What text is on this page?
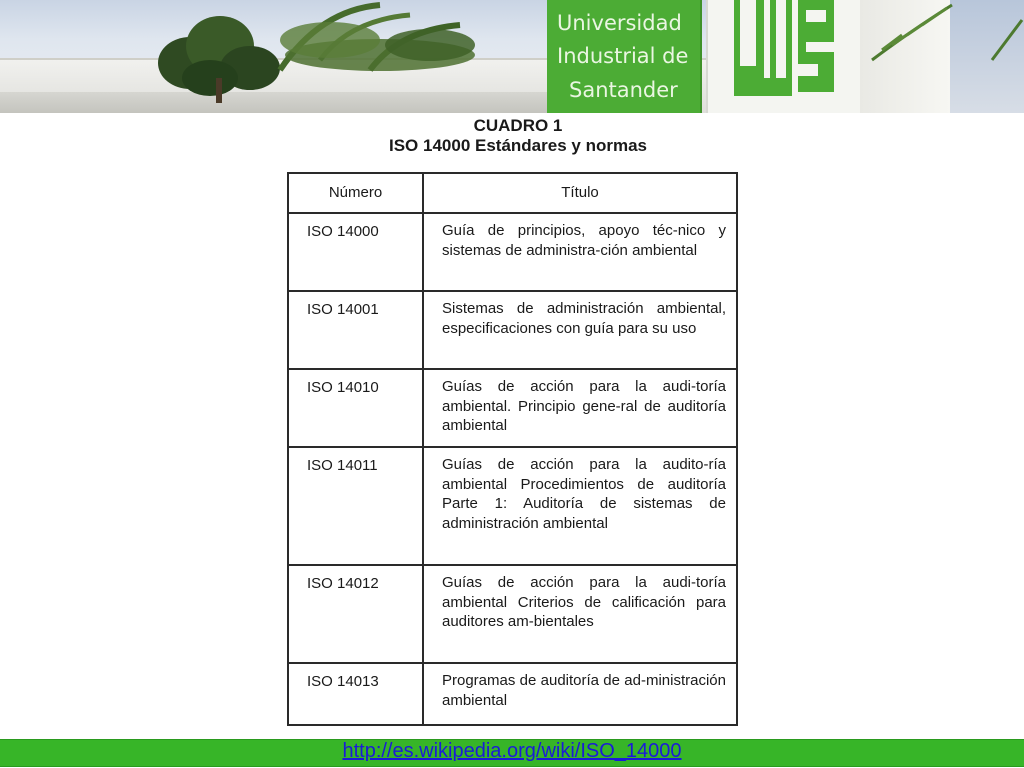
Universidad
Industrial de
Santander
CUADRO 1
ISO 14000 Estándares y normas
Número	Título
ISO 14000	Guía de principios, apoyo téc-nico y sistemas de administra-ción ambiental
ISO 14001	Sistemas de administración ambiental, especificaciones con guía para su uso
ISO 14010	Guías de acción para la audi-toría ambiental. Principio gene-ral de auditoría ambiental
ISO 14011	Guías de acción para la audito-ría ambiental Procedimientos de auditoría Parte 1: Auditoría de sistemas de administración ambiental
ISO 14012	Guías de acción para la audi-toría ambiental Criterios de calificación para auditores am-bientales
ISO 14013	Programas de auditoría de ad-ministración ambiental
http://es.wikipedia.org/wiki/ISO_14000
